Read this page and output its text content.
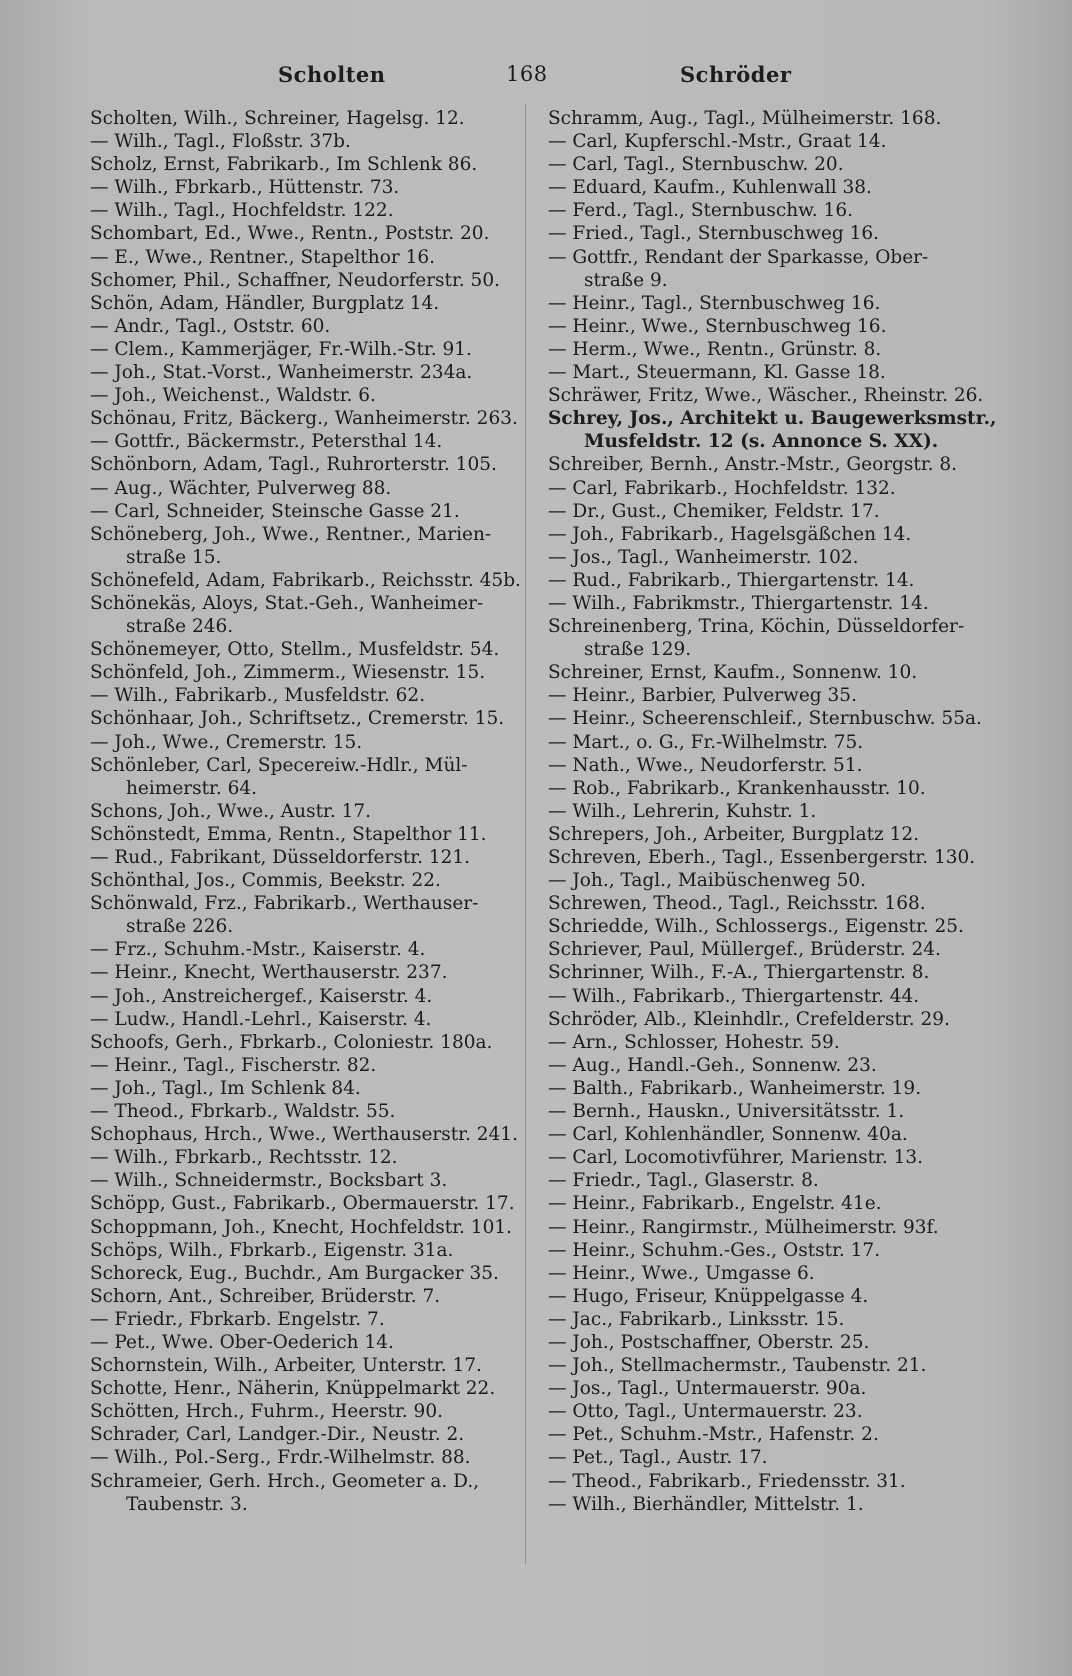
Scholten	168	Schröder
Scholten, Wilh., Schreiner, Hagelsg. 12.
— Wilh., Tagl., Floßstr. 37b.
Scholz, Ernst, Fabrikarb., Im Schlenk 86.
— Wilh., Fbrkarb., Hüttenstr. 73.
— Wilh., Tagl., Hochfeldstr. 122.
Schombart, Ed., Wwe., Rentn., Poststr. 20.
— E., Wwe., Rentner., Stapelthor 16.
Schomer, Phil., Schaffner, Neudorferstr. 50.
Schön, Adam, Händler, Burgplatz 14.
— Andr., Tagl., Oststr. 60.
— Clem., Kammerjäger, Fr.-Wilh.-Str. 91.
— Joh., Stat.-Vorst., Wanheimerstr. 234a.
— Joh., Weichenst., Waldstr. 6.
Schönau, Fritz, Bäckerg., Wanheimerstr. 263.
— Gottfr., Bäckermstr., Petersthal 14.
Schönborn, Adam, Tagl., Ruhrorterstr. 105.
— Aug., Wächter, Pulverweg 88.
— Carl, Schneider, Steinsche Gasse 21.
Schöneberg, Joh., Wwe., Rentner., Marien-
straße 15.
Schönefeld, Adam, Fabrikarb., Reichsstr. 45b.
Schönekäs, Aloys, Stat.-Geh., Wanheimer-
straße 246.
Schönemeyer, Otto, Stellm., Musfeldstr. 54.
Schönfeld, Joh., Zimmerm., Wiesenstr. 15.
— Wilh., Fabrikarb., Musfeldstr. 62.
Schönhaar, Joh., Schriftsetz., Cremerstr. 15.
— Joh., Wwe., Cremerstr. 15.
Schönleber, Carl, Specereiw.-Hdlr., Mül-
heimerstr. 64.
Schons, Joh., Wwe., Austr. 17.
Schönstedt, Emma, Rentn., Stapelthor 11.
— Rud., Fabrikant, Düsseldorferstr. 121.
Schönthal, Jos., Commis, Beekstr. 22.
Schönwald, Frz., Fabrikarb., Werthauser-
straße 226.
— Frz., Schuhm.-Mstr., Kaiserstr. 4.
— Heinr., Knecht, Werthauserstr. 237.
— Joh., Anstreichergef., Kaiserstr. 4.
— Ludw., Handl.-Lehrl., Kaiserstr. 4.
Schoofs, Gerh., Fbrkarb., Coloniestr. 180a.
— Heinr., Tagl., Fischerstr. 82.
— Joh., Tagl., Im Schlenk 84.
— Theod., Fbrkarb., Waldstr. 55.
Schophaus, Hrch., Wwe., Werthauserstr. 241.
— Wilh., Fbrkarb., Rechtsstr. 12.
— Wilh., Schneidermstr., Bocksbart 3.
Schöpp, Gust., Fabrikarb., Obermauerstr. 17.
Schoppmann, Joh., Knecht, Hochfeldstr. 101.
Schöps, Wilh., Fbrkarb., Eigenstr. 31a.
Schoreck, Eug., Buchdr., Am Burgacker 35.
Schorn, Ant., Schreiber, Brüderstr. 7.
— Friedr., Fbrkarb. Engelstr. 7.
— Pet., Wwe. Ober-Oederich 14.
Schornstein, Wilh., Arbeiter, Unterstr. 17.
Schotte, Henr., Näherin, Knüppelmarkt 22.
Schötten, Hrch., Fuhrm., Heerstr. 90.
Schrader, Carl, Landger.-Dir., Neustr. 2.
— Wilh., Pol.-Serg., Frdr.-Wilhelmstr. 88.
Schrameier, Gerh. Hrch., Geometer a. D.,
Taubenstr. 3.
Schramm, Aug., Tagl., Mülheimerstr. 168.
— Carl, Kupferschl.-Mstr., Graat 14.
— Carl, Tagl., Sternbuschw. 20.
— Eduard, Kaufm., Kuhlenwall 38.
— Ferd., Tagl., Sternbuschw. 16.
— Fried., Tagl., Sternbuschweg 16.
— Gottfr., Rendant der Sparkasse, Ober-
straße 9.
— Heinr., Tagl., Sternbuschweg 16.
— Heinr., Wwe., Sternbuschweg 16.
— Herm., Wwe., Rentn., Grünstr. 8.
— Mart., Steuermann, Kl. Gasse 18.
Schräwer, Fritz, Wwe., Wäscher., Rheinstr. 26.
Schrey, Jos., Architekt u. Baugewerksmstr.,
Musfeldstr. 12 (s. Annonce S. XX).
Schreiber, Bernh., Anstr.-Mstr., Georgstr. 8.
— Carl, Fabrikarb., Hochfeldstr. 132.
— Dr., Gust., Chemiker, Feldstr. 17.
— Joh., Fabrikarb., Hagelsgäßchen 14.
— Jos., Tagl., Wanheimerstr. 102.
— Rud., Fabrikarb., Thiergartenstr. 14.
— Wilh., Fabrikmstr., Thiergartenstr. 14.
Schreinenberg, Trina, Köchin, Düsseldorfer-
straße 129.
Schreiner, Ernst, Kaufm., Sonnenw. 10.
— Heinr., Barbier, Pulverweg 35.
— Heinr., Scheerenschleif., Sternbuschw. 55a.
— Mart., o. G., Fr.-Wilhelmstr. 75.
— Nath., Wwe., Neudorferstr. 51.
— Rob., Fabrikarb., Krankenhausstr. 10.
— Wilh., Lehrerin, Kuhstr. 1.
Schrepers, Joh., Arbeiter, Burgplatz 12.
Schreven, Eberh., Tagl., Essenbergerstr. 130.
— Joh., Tagl., Maibüschenweg 50.
Schrewen, Theod., Tagl., Reichsstr. 168.
Schriedde, Wilh., Schlossergs., Eigenstr. 25.
Schriever, Paul, Müllergef., Brüderstr. 24.
Schrinner, Wilh., F.-A., Thiergartenstr. 8.
— Wilh., Fabrikarb., Thiergartenstr. 44.
Schröder, Alb., Kleinhdlr., Crefelderstr. 29.
— Arn., Schlosser, Hohestr. 59.
— Aug., Handl.-Geh., Sonnenw. 23.
— Balth., Fabrikarb., Wanheimerstr. 19.
— Bernh., Hauskn., Universitätsstr. 1.
— Carl, Kohlenhändler, Sonnenw. 40a.
— Carl, Locomotivführer, Marienstr. 13.
— Friedr., Tagl., Glaserstr. 8.
— Heinr., Fabrikarb., Engelstr. 41e.
— Heinr., Rangirmstr., Mülheimerstr. 93f.
— Heinr., Schuhm.-Ges., Oststr. 17.
— Heinr., Wwe., Umgasse 6.
— Hugo, Friseur, Knüppelgasse 4.
— Jac., Fabrikarb., Linksstr. 15.
— Joh., Postschaffner, Oberstr. 25.
— Joh., Stellmachermstr., Taubenstr. 21.
— Jos., Tagl., Untermauerstr. 90a.
— Otto, Tagl., Untermauerstr. 23.
— Pet., Schuhm.-Mstr., Hafenstr. 2.
— Pet., Tagl., Austr. 17.
— Theod., Fabrikarb., Friedensstr. 31.
— Wilh., Bierhändler, Mittelstr. 1.
